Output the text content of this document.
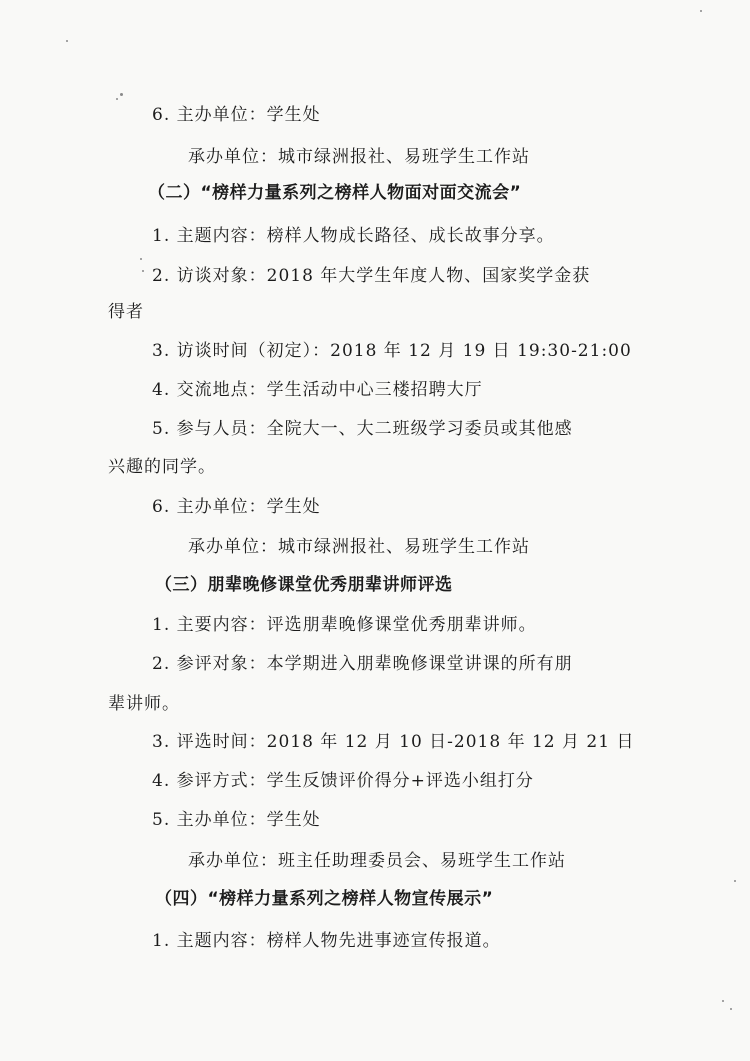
6. 主办单位：学生处
承办单位：城市绿洲报社、易班学生工作站
（二）“榜样力量系列之榜样人物面对面交流会”
1. 主题内容：榜样人物成长路径、成长故事分享。
2. 访谈对象：2018 年大学生年度人物、国家奖学金获
得者
3. 访谈时间（初定）：2018 年 12 月 19 日 19:30-21:00
4. 交流地点：学生活动中心三楼招聘大厅
5. 参与人员：全院大一、大二班级学习委员或其他感
兴趣的同学。
6. 主办单位：学生处
承办单位：城市绿洲报社、易班学生工作站
（三）朋辈晚修课堂优秀朋辈讲师评选
1. 主要内容：评选朋辈晚修课堂优秀朋辈讲师。
2. 参评对象：本学期进入朋辈晚修课堂讲课的所有朋
辈讲师。
3. 评选时间：2018 年 12 月 10 日-2018 年 12 月 21 日
4. 参评方式：学生反馈评价得分+评选小组打分
5. 主办单位：学生处
承办单位：班主任助理委员会、易班学生工作站
（四）“榜样力量系列之榜样人物宣传展示”
1. 主题内容：榜样人物先进事迹宣传报道。
